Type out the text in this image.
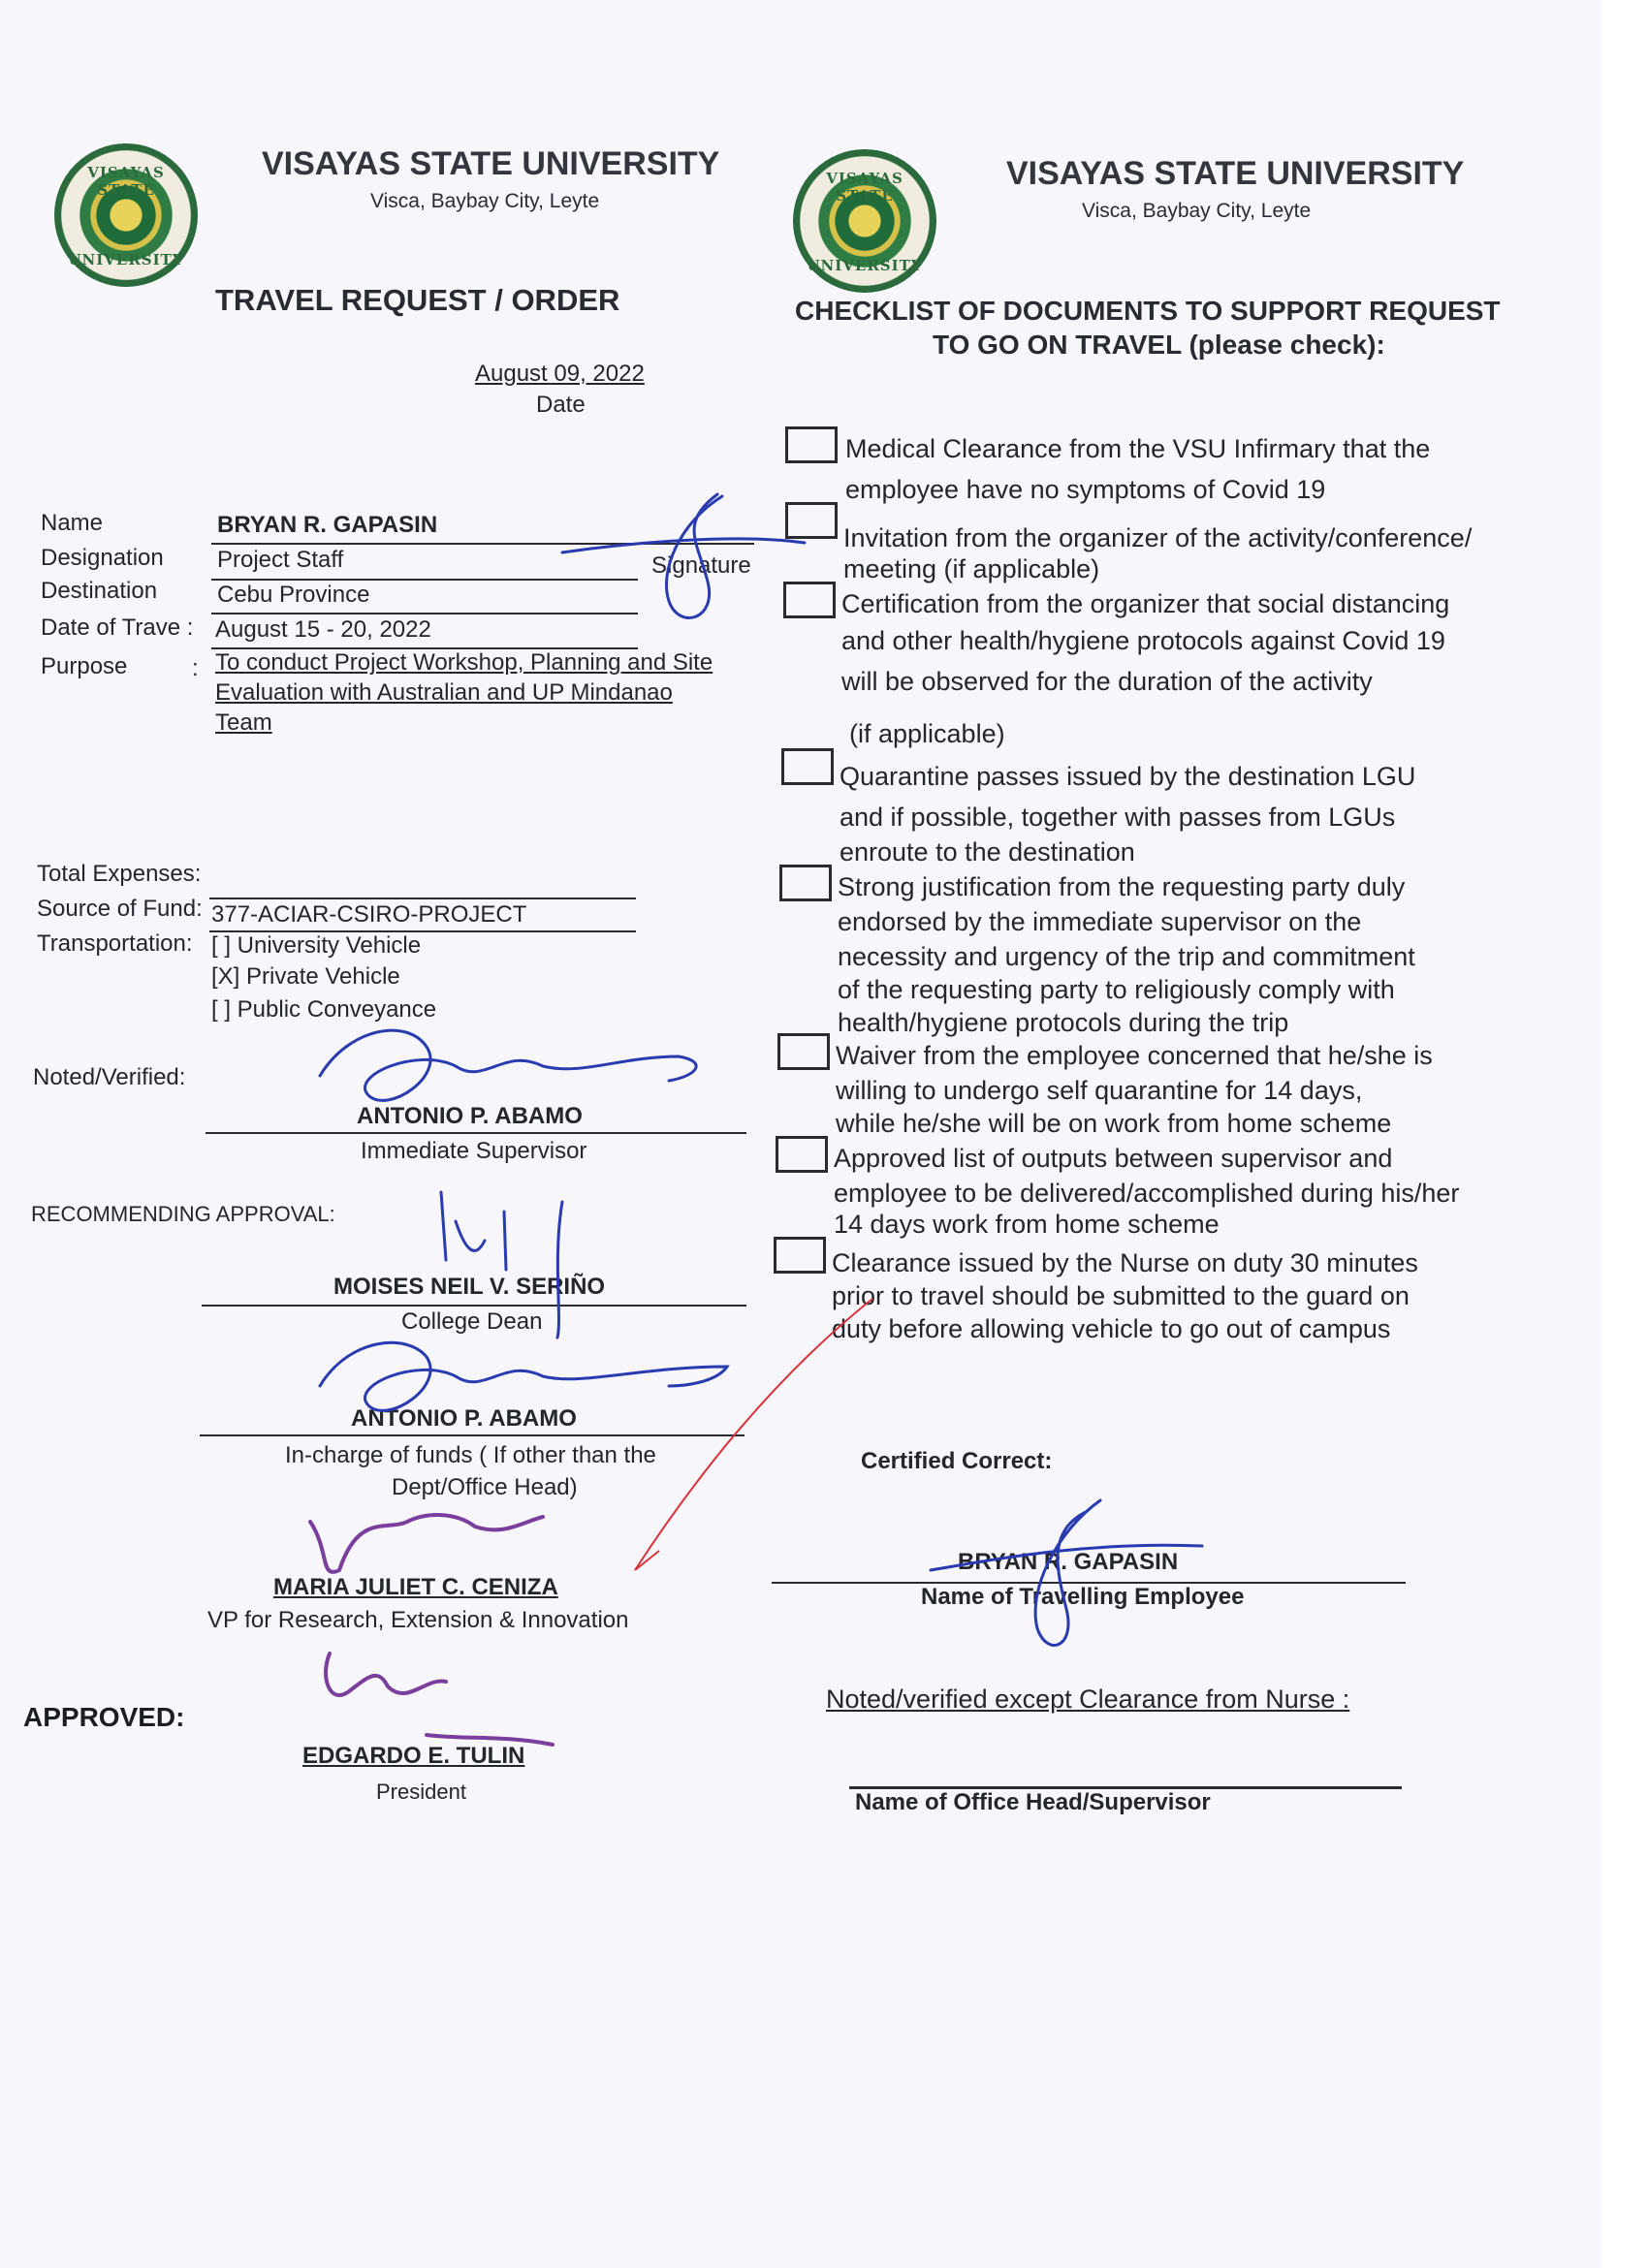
VISAYAS STATE
UNIVERSITY
VISAYAS STATE UNIVERSITY
Visca, Baybay City, Leyte
TRAVEL REQUEST / ORDER
August 09, 2022
Date
Name	BRYAN R. GAPASIN
Designation Project Staff	Signature
Destination	Cebu Province
Date of Trave : August 15 - 20, 2022
Purpose	: To conduct Project Workshop, Planning and Site
Evaluation with Australian and UP Mindanao
Team
Total Expenses:
Source of Fund: 377-ACIAR-CSIRO-PROJECT
Transportation: [ ] University Vehicle
[X] Private Vehicle
[ ] Public Conveyance
Noted/Verified:
ANTONIO P. ABAMO
Immediate Supervisor
RECOMMENDING APPROVAL:
MOISES NEIL V. SERIÑO
College Dean
ANTONIO P. ABAMO
In-charge of funds ( If other than the
Dept/Office Head)
MARIA JULIET C. CENIZA
VP for Research, Extension & Innovation
APPROVED:
EDGARDO E. TULIN
President
VISAYAS STATE
UNIVERSITY
VISAYAS STATE UNIVERSITY
Visca, Baybay City, Leyte
CHECKLIST OF DOCUMENTS TO SUPPORT REQUEST
TO GO ON TRAVEL (please check):
Medical Clearance from the VSU Infirmary that the
employee have no symptoms of Covid 19
Invitation from the organizer of the activity/conference/
meeting (if applicable)
Certification from the organizer that social distancing
and other health/hygiene protocols against Covid 19
will be observed for the duration of the activity
(if applicable)
Quarantine passes issued by the destination LGU
and if possible, together with passes from LGUs
enroute to the destination
Strong justification from the requesting party duly
endorsed by the immediate supervisor on the
necessity and urgency of the trip and commitment
of the requesting party to religiously comply with
health/hygiene protocols during the trip
Waiver from the employee concerned that he/she is
willing to undergo self quarantine for 14 days,
while he/she will be on work from home scheme
Approved list of outputs between supervisor and
employee to be delivered/accomplished during his/her
14 days work from home scheme
Clearance issued by the Nurse on duty 30 minutes
prior to travel should be submitted to the guard on
duty before allowing vehicle to go out of campus
Certified Correct:
BRYAN R. GAPASIN
Name of Travelling Employee
Noted/verified except Clearance from Nurse :
Name of Office Head/Supervisor
